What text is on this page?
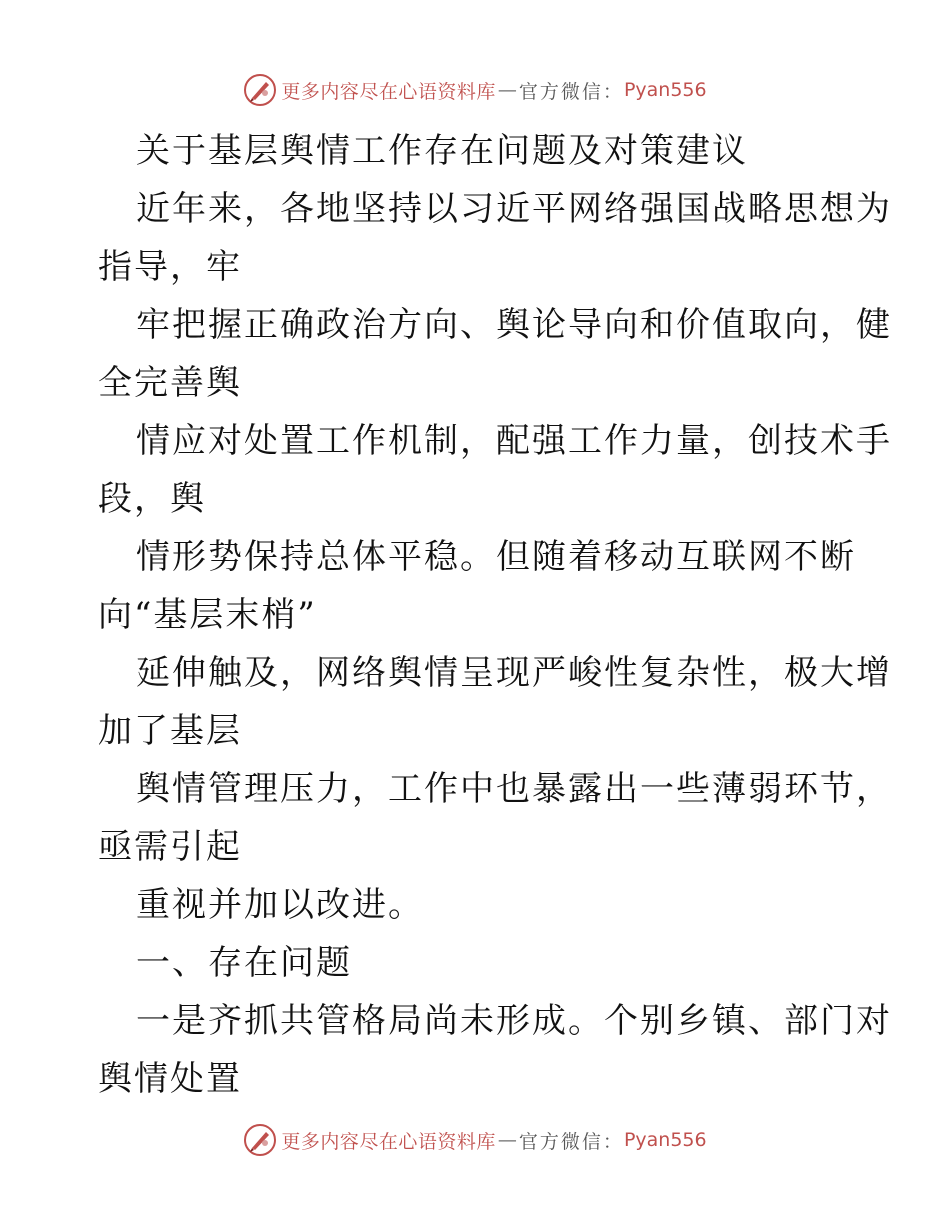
更多内容尽在心语资料库 — 官方微信： Pyan556
关于基层舆情工作存在问题及对策建议
近年来，各地坚持以习近平网络强国战略思想为
指导，牢
牢把握正确政治方向、舆论导向和价值取向，健
全完善舆
情应对处置工作机制，配强工作力量，创技术手
段，舆
情形势保持总体平稳。但随着移动互联网不断
向“基层末梢”
延伸触及，网络舆情呈现严峻性复杂性，极大增
加了基层
舆情管理压力，工作中也暴露出一些薄弱环节，
亟需引起
重视并加以改进。
一、存在问题
一是齐抓共管格局尚未形成。个别乡镇、部门对
舆情处置
更多内容尽在心语资料库 — 官方微信： Pyan556
